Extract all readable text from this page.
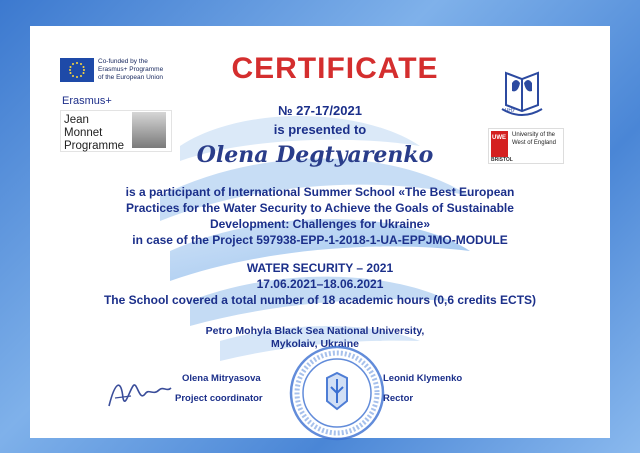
Co-funded by the
Erasmus+ Programme
of the European Union
Erasmus+
Jean Monnet
Programme
ЧНУ
UWE University of the
West of England
BRISTOL
CERTIFICATE
№ 27-17/2021
is presented to
Olena Degtyarenko
is a participant of International Summer School «The Best European
Practices for the Water Security to Achieve the Goals of Sustainable
Development: Challenges for Ukraine»
in case of the Project 597938-EPP-1-2018-1-UA-EPPJMO-MODULE
WATER SECURITY – 2021
17.06.2021–18.06.2021
The School covered a total number of 18 academic hours (0,6 credits ECTS)
Petro Mohyla Black Sea National University,
Mykolaiv, Ukraine
Olena Mitryasova
Project coordinator
Leonid Klymenko
Rector
